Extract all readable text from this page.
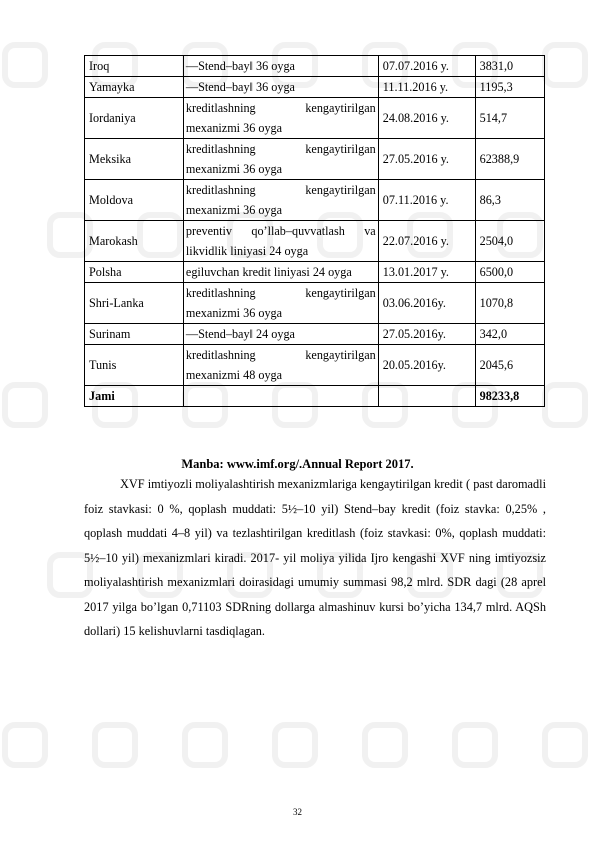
Iroq	―Stend–bay‖ 36 oyga	07.07.2016 y.	3831,0
Yamayka	―Stend–bay‖ 36 oyga	11.11.2016 y.	1195,3
Iordaniya	kreditlashning kengaytirilgan mexanizmi 36 oyga	24.08.2016 y.	514,7
Meksika	kreditlashning kengaytirilgan mexanizmi 36 oyga	27.05.2016 y.	62388,9
Moldova	kreditlashning kengaytirilgan mexanizmi 36 oyga	07.11.2016 y.	86,3
Marokash	preventiv qo’llab–quvvatlash va likvidlik liniyasi 24 oyga	22.07.2016 y.	2504,0
Polsha	egiluvchan kredit liniyasi 24 oyga	13.01.2017 y.	6500,0
Shri-Lanka	kreditlashning kengaytirilgan mexanizmi 36 oyga	03.06.2016y.	1070,8
Surinam	―Stend–bay‖ 24 oyga	27.05.2016y.	342,0
Tunis	kreditlashning kengaytirilgan mexanizmi 48 oyga	20.05.2016y.	2045,6
Jami			98233,8
Manba: www.imf.org/.Annual Report 2017.

XVF imtiyozli moliyalashtirish mexanizmlariga kengaytirilgan kredit ( past daromadli foiz stavkasi: 0 %, qoplash muddati: 5½–10 yil) Stend–bay kredit (foiz stavka: 0,25% , qoplash muddati 4–8 yil) va tezlashtirilgan kreditlash (foiz stavkasi: 0%, qoplash muddati: 5½–10 yil) mexanizmlari kiradi. 2017- yil moliya yilida Ijro kengashi XVF ning imtiyozsiz moliyalashtirish mexanizmlari doirasidagi umumiy summasi 98,2 mlrd. SDR dagi (28 aprel 2017 yilga bo’lgan 0,71103 SDRning dollarga almashinuv kursi bo’yicha 134,7 mlrd. AQSh dollari) 15 kelishuvlarni tasdiqlagan.

32
